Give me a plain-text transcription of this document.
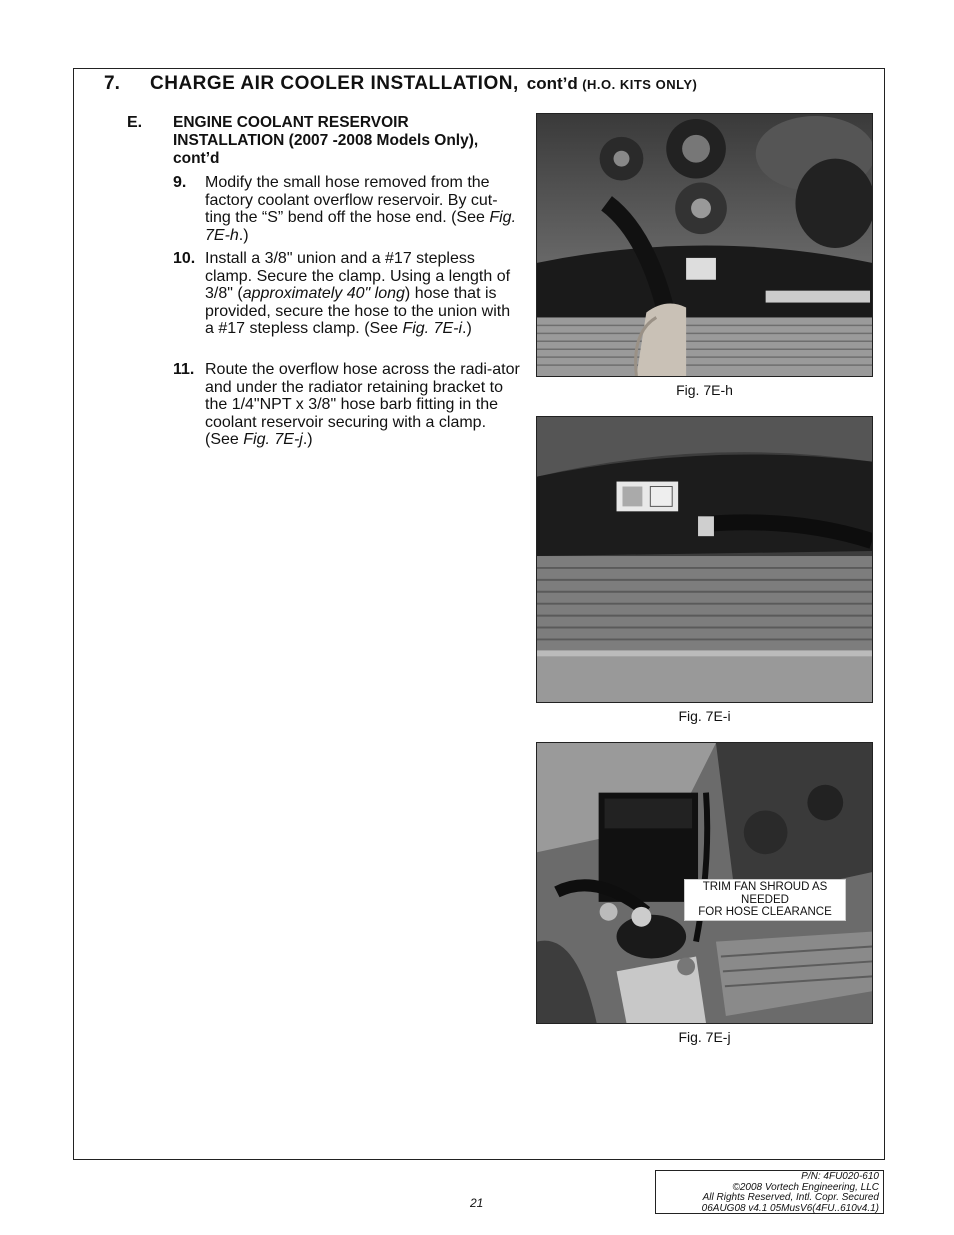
7. CHARGE AIR COOLER INSTALLATION, cont’d (H.O. KITS ONLY)
E. ENGINE COOLANT RESERVOIR INSTALLATION (2007 -2008 Models Only), cont’d
9. Modify the small hose removed from the factory coolant overflow reservoir. By cut-ting the “S” bend off the hose end. (See Fig. 7E-h.)
10. Install a 3/8" union and a #17 stepless clamp. Secure the clamp. Using a length of 3/8" (approximately 40" long) hose that is provided, secure the hose to the union with a #17 stepless clamp. (See Fig. 7E-i.)
11. Route the overflow hose across the radi-ator and under the radiator retaining bracket to the 1/4"NPT x 3/8" hose barb fitting in the coolant reservoir securing with a clamp. (See Fig. 7E-j.)
Fig. 7E-h
Fig. 7E-i
TRIM FAN SHROUD AS
NEEDED
FOR HOSE CLEARANCE
Fig. 7E-j
21
P/N: 4FU020-610
©2008 Vortech Engineering, LLC
All Rights Reserved, Intl. Copr. Secured
06AUG08 v4.1 05MusV6(4FU..610v4.1)
